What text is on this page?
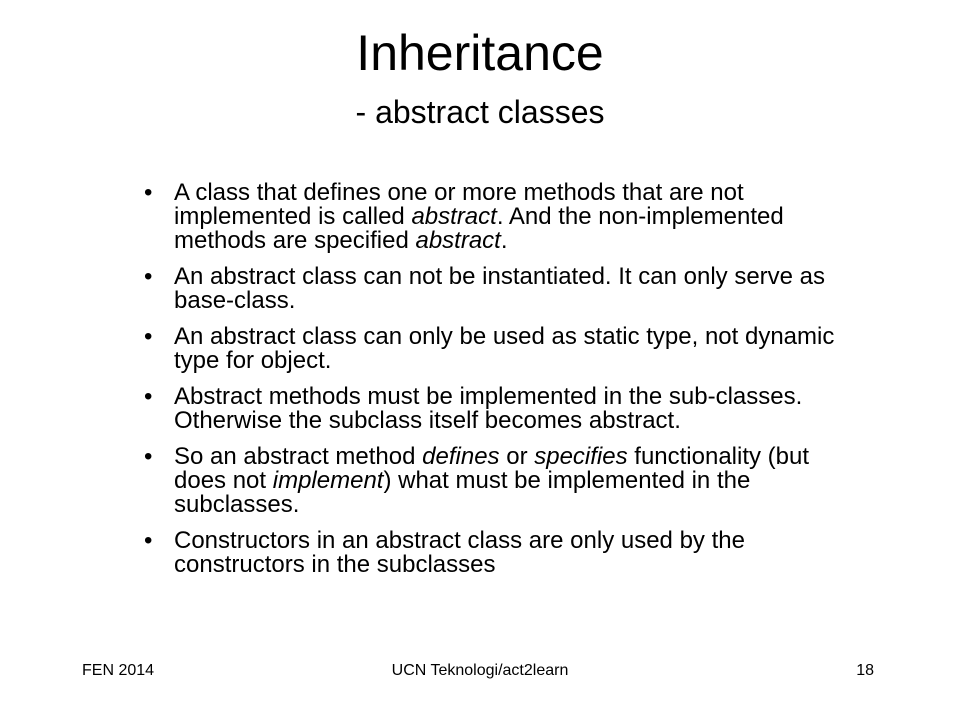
Inheritance
- abstract classes
• A class that defines one or more methods that are not implemented is called abstract. And the non-implemented methods are specified abstract.
• An abstract class can not be instantiated. It can only serve as base-class.
• An abstract class can only be used as static type, not dynamic type for object.
• Abstract methods must be implemented in the sub-classes. Otherwise the subclass itself becomes abstract.
• So an abstract method defines or specifies functionality (but does not implement) what must be implemented in the subclasses.
• Constructors in an abstract class are only used by the constructors in the subclasses
FEN 2014	UCN Teknologi/act2learn	18
